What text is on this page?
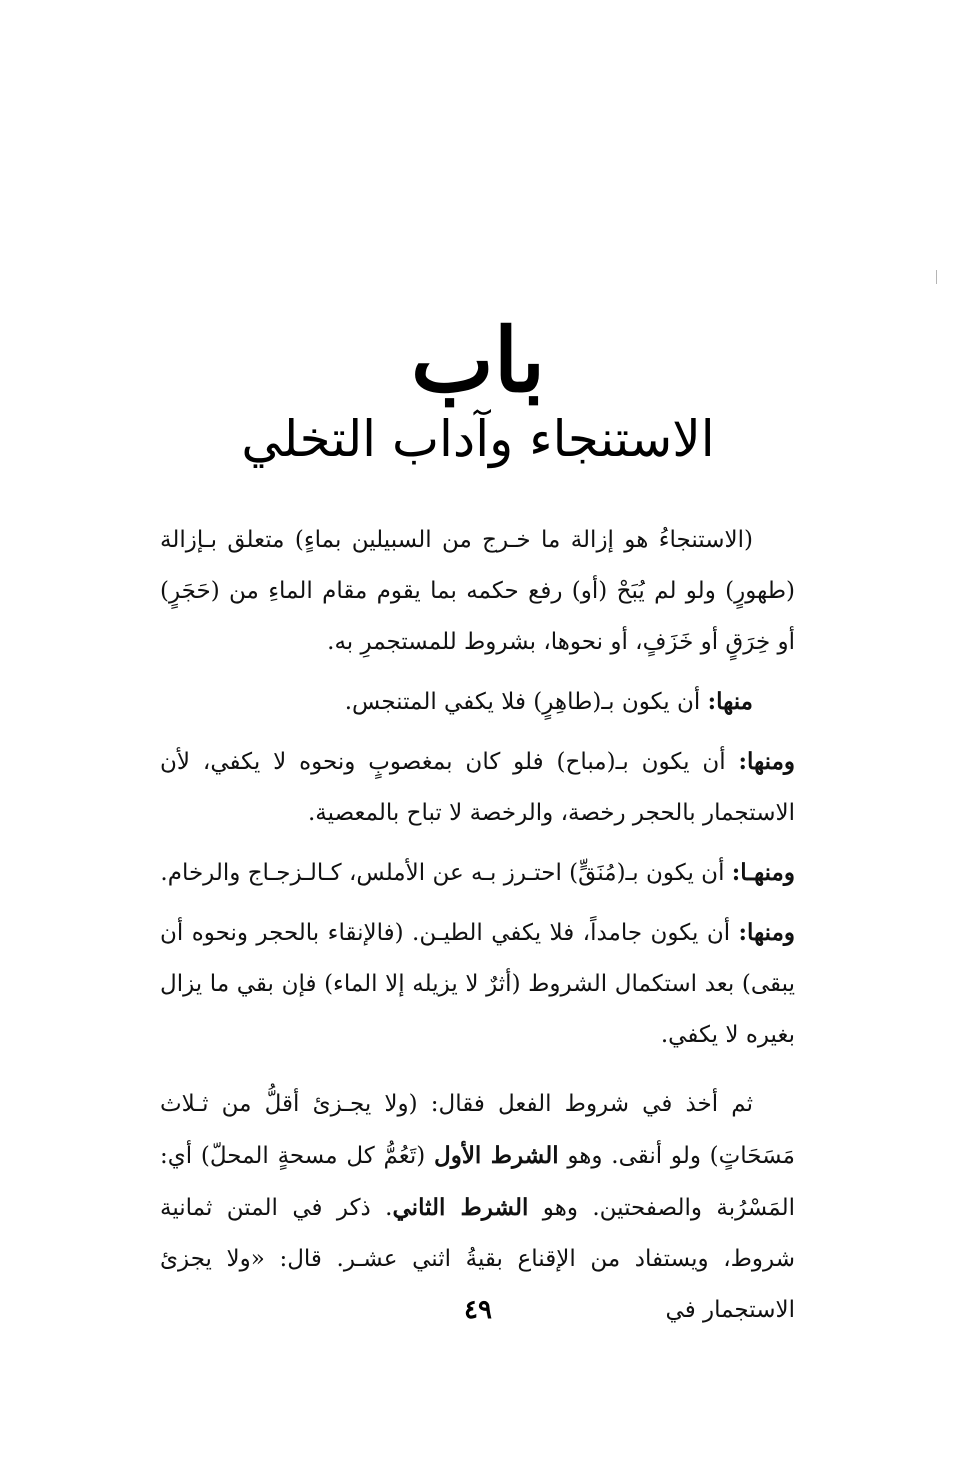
باب
الاستنجاء وآداب التخلي

(الاستنجاءُ هو إزالة ما خـرج من السبيلين بماءٍ) متعلق بـإزالة (طهورٍ) ولو لم يُبَحْ (أو) رفع حكمه بما يقوم مقام الماءِ من (حَجَرٍ) أو خِرَقٍ أو خَزَفٍ، أو نحوها، بشروط للمستجمرِ به.

منها: أن يكون بـ(طاهِرٍ) فلا يكفي المتنجس.

ومنها: أن يكون بـ(مباح) فلو كان بمغصوبٍ ونحوه لا يكفي، لأن الاستجمار بالحجر رخصة، والرخصة لا تباح بالمعصية.

ومنهـا: أن يكون بـ(مُنَقٍّ) احتـرز بـه عن الأملس، كـالـزجـاج والرخام.

ومنها: أن يكون جامداً، فلا يكفي الطيـن. (فالإنقاء بالحجر ونحوه أن يبقى) بعد استكمال الشروط (أثرٌ لا يزيله إلا الماء) فإن بقي ما يزال بغيره لا يكفي.

ثم أخذ في شروط الفعل فقال: (ولا يجـزئ أقلُّ من ثـلاث مَسَحَاتٍ) ولو أنقى. وهو الشرط الأول (تَعُمُّ كل مسحةٍ المحلّ) أي: المَسْرُبة والصفحتين. وهو الشرط الثاني. ذكر في المتن ثمانية شروط، ويستفاد من الإقناع بقيةُ اثني عشـر. قال: «ولا يجزئ الاستجمار في

٤٩
